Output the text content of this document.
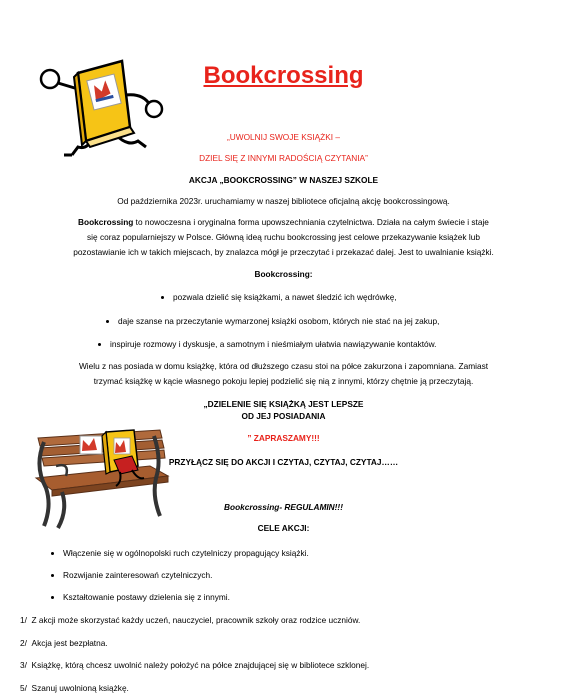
Bookcrossing
„UWOLNIJ SWOJE KSIĄŻKI –
DZIEL SIĘ Z INNYMI RADOŚCIĄ CZYTANIA”
AKCJA „BOOKCROSSING” W NASZEJ SZKOLE
Od października 2023r. uruchamiamy w naszej bibliotece oficjalną akcję bookcrossingową.
Bookcrossing to nowoczesna i oryginalna forma upowszechniania czytelnictwa. Działa na całym świecie i staje
się coraz popularniejszy w Polsce. Główną ideą ruchu bookcrossing jest celowe przekazywanie książek lub
pozostawianie ich w takich miejscach, by znalazca mógł je przeczytać i przekazać dalej. Jest to uwalnianie książki.
Bookcrossing:
pozwala dzielić się książkami, a nawet śledzić ich wędrówkę,
daje szanse na przeczytanie wymarzonej książki osobom, których nie stać na jej zakup,
inspiruje rozmowy i dyskusje, a samotnym i nieśmiałym ułatwia nawiązywanie kontaktów.
Wielu z nas posiada w domu książkę, która od dłuższego czasu stoi na półce zakurzona i zapomniana. Zamiast
trzymać książkę w kącie własnego pokoju lepiej podzielić się nią z innymi, którzy chętnie ją przeczytają.
„DZIELENIE SIĘ KSIĄŻKĄ JEST LEPSZE
OD JEJ POSIADANIA
” ZAPRASZAMY!!!
PRZYŁĄCZ SIĘ DO AKCJI I CZYTAJ, CZYTAJ, CZYTAJ……
Bookcrossing- REGULAMIN!!!
CELE AKCJI:
Włączenie się w ogólnopolski ruch czytelniczy propagujący książki.
Rozwijanie zainteresowań czytelniczych.
Kształtowanie postawy dzielenia się z innymi.
1/ Z akcji może skorzystać każdy uczeń, nauczyciel, pracownik szkoły oraz rodzice uczniów.
2/ Akcja jest bezpłatna.
3/ Książkę, którą chcesz uwolnić należy położyć na półce znajdującej się w bibliotece szklonej.
5/ Szanuj uwolnioną książkę.
